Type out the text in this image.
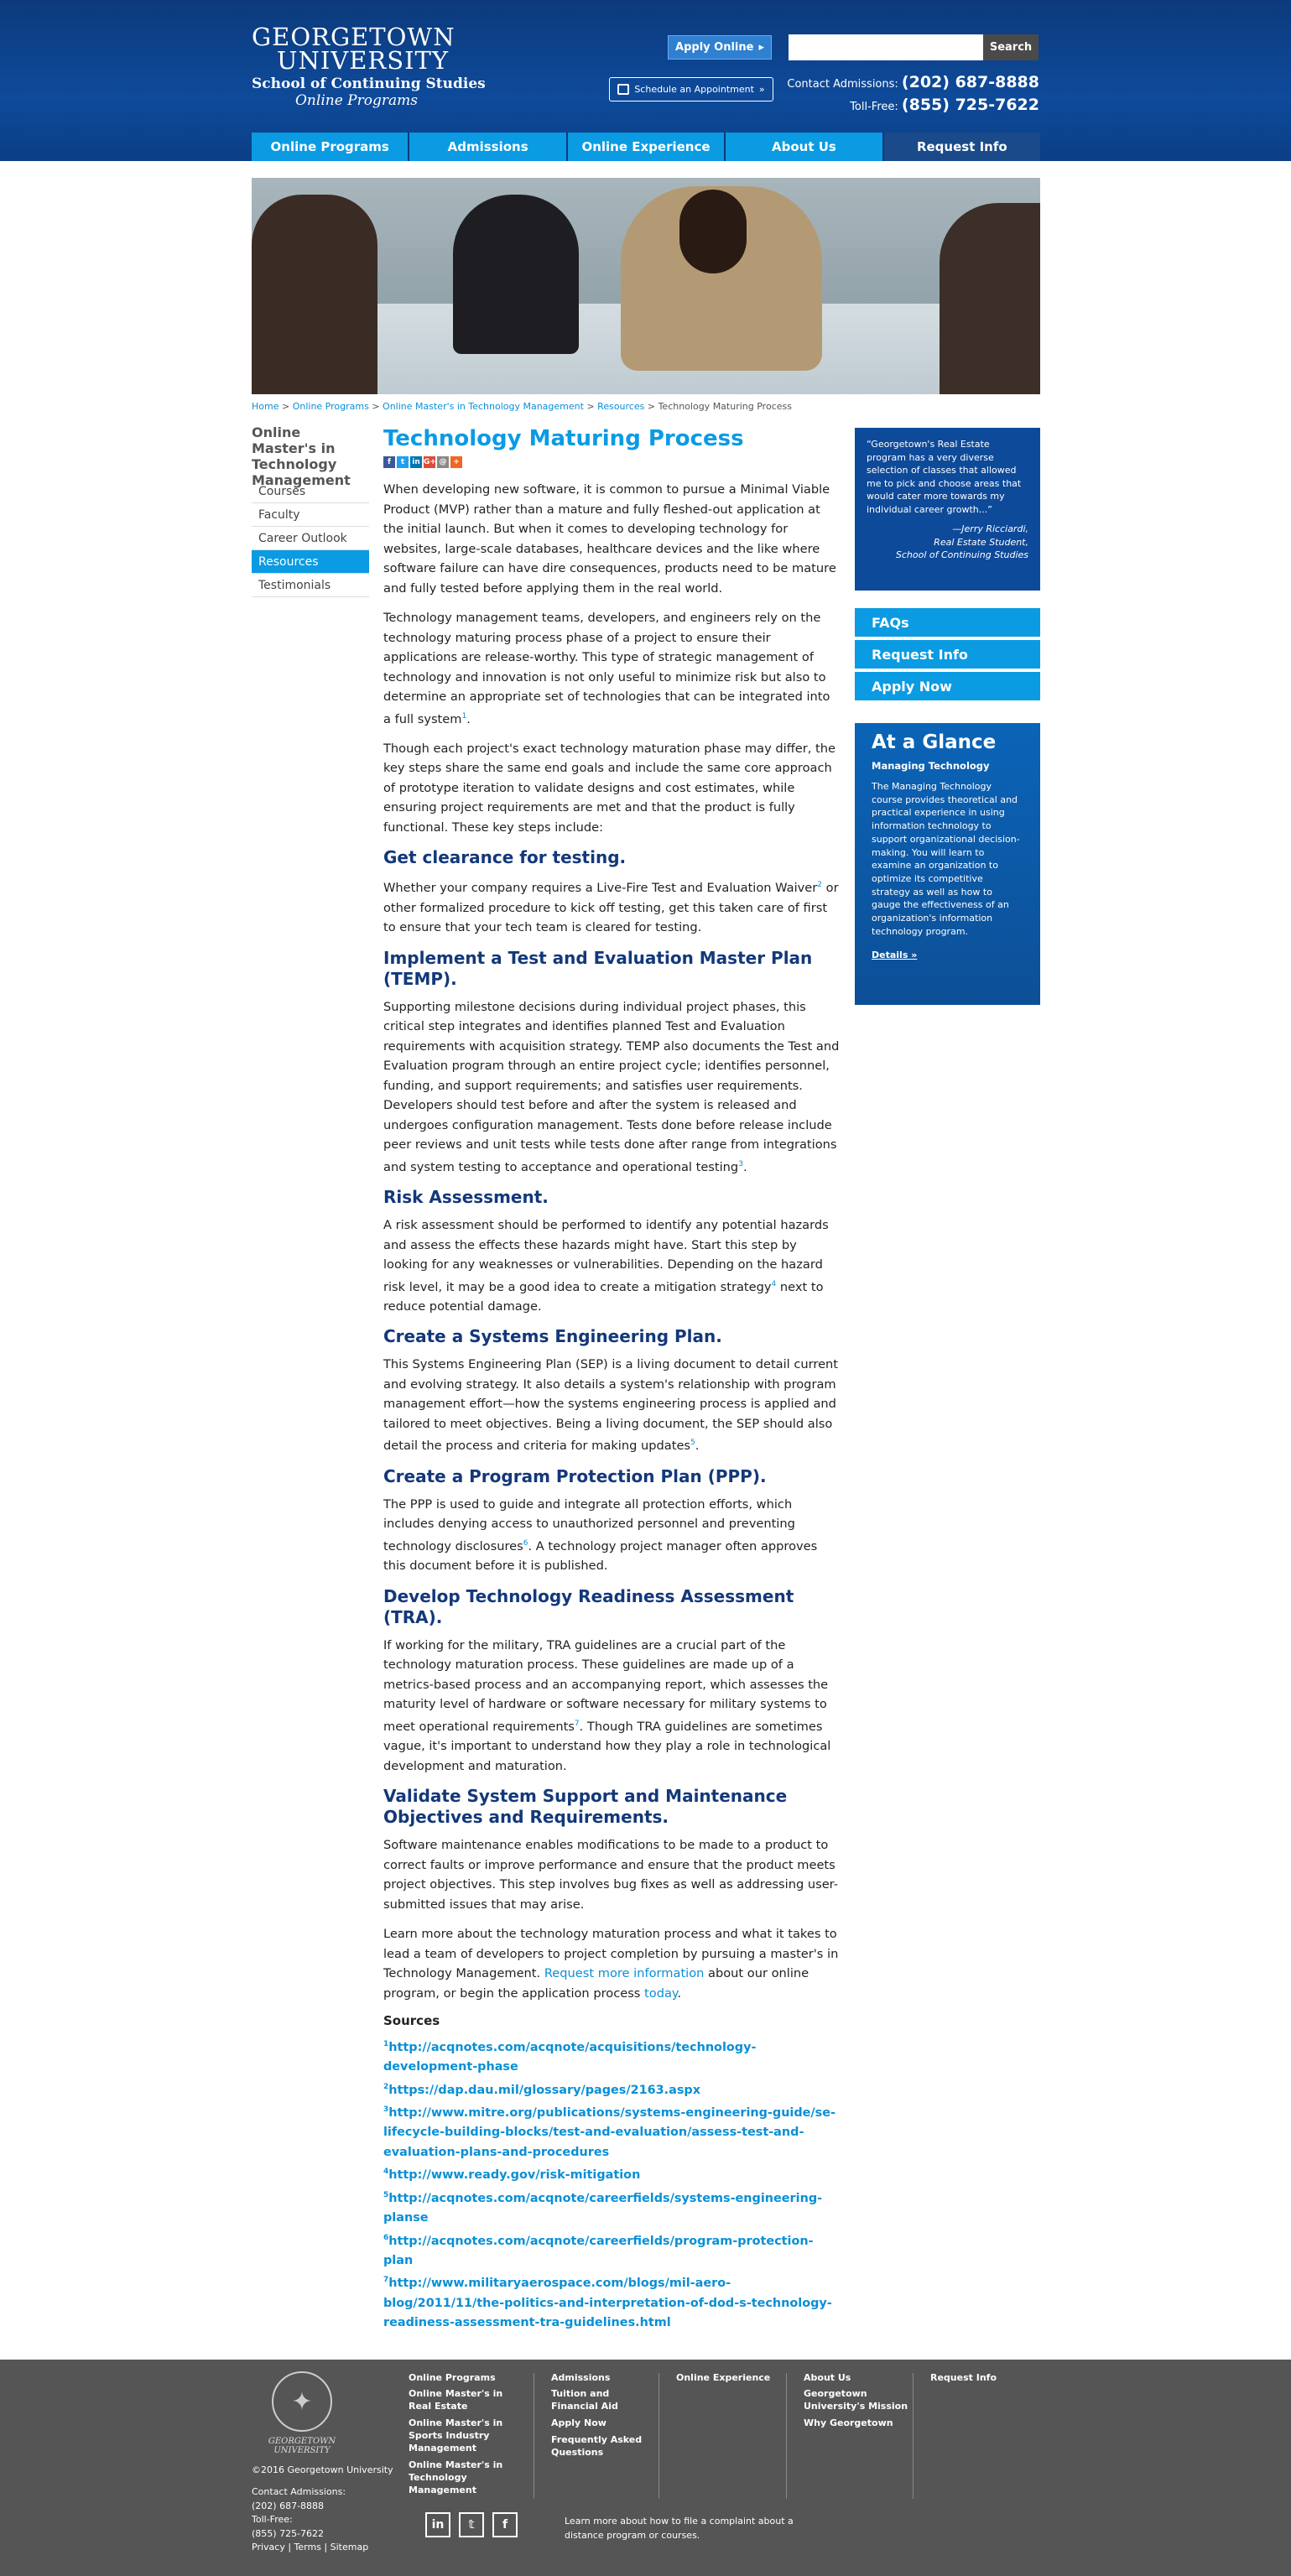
GEORGETOWN
UNIVERSITY
School of Continuing Studies
Online Programs
Apply Online ▸	Search
Schedule an Appointment » Contact Admissions: (202) 687-8888
Toll-Free: (855) 725-7622
Online Programs	Admissions	Online Experience	About Us	Request Info
Home > Online Programs > Online Master's in Technology Management > Resources > Technology Maturing Process
Online Master's in Technology Management
Courses
Faculty
Career Outlook
Resources
Testimonials
Technology Maturing Process
f	t	in G+ @ +

When developing new software, it is common to pursue a Minimal Viable Product (MVP) rather than a mature and fully fleshed-out application at the initial launch. But when it comes to developing technology for websites, large-scale databases, healthcare devices and the like where software failure can have dire consequences, products need to be mature and fully tested before applying them in the real world.

Technology management teams, developers, and engineers rely on the technology maturing process phase of a project to ensure their applications are release-worthy. This type of strategic management of technology and innovation is not only useful to minimize risk but also to determine an appropriate set of technologies that can be integrated into a full system$^1$.

Though each project's exact technology maturation phase may differ, the key steps share the same end goals and include the same core approach of prototype iteration to validate designs and cost estimates, while ensuring project requirements are met and that the product is fully functional. These key steps include:

Get clearance for testing.

Whether your company requires a Live-Fire Test and Evaluation Waiver$^2$ or other formalized procedure to kick off testing, get this taken care of first to ensure that your tech team is cleared for testing.

Implement a Test and Evaluation Master Plan (TEMP).

Supporting milestone decisions during individual project phases, this critical step integrates and identifies planned Test and Evaluation requirements with acquisition strategy. TEMP also documents the Test and Evaluation program through an entire project cycle; identifies personnel, funding, and support requirements; and satisfies user requirements. Developers should test before and after the system is released and undergoes configuration management. Tests done before release include peer reviews and unit tests while tests done after range from integrations and system testing to acceptance and operational testing$^3$.

Risk Assessment.

A risk assessment should be performed to identify any potential hazards and assess the effects these hazards might have. Start this step by looking for any weaknesses or vulnerabilities. Depending on the hazard risk level, it may be a good idea to create a mitigation strategy$^4$ next to reduce potential damage.

Create a Systems Engineering Plan.

This Systems Engineering Plan (SEP) is a living document to detail current and evolving strategy. It also details a system's relationship with program management effort—how the systems engineering process is applied and tailored to meet objectives. Being a living document, the SEP should also detail the process and criteria for making updates$^5$.

Create a Program Protection Plan (PPP).

The PPP is used to guide and integrate all protection efforts, which includes denying access to unauthorized personnel and preventing technology disclosures$^6$. A technology project manager often approves this document before it is published.

Develop Technology Readiness Assessment (TRA).

If working for the military, TRA guidelines are a crucial part of the technology maturation process. These guidelines are made up of a metrics-based process and an accompanying report, which assesses the maturity level of hardware or software necessary for military systems to meet operational requirements$^7$. Though TRA guidelines are sometimes vague, it's important to understand how they play a role in technological development and maturation.

Validate System Support and Maintenance Objectives and Requirements.

Software maintenance enables modifications to be made to a product to correct faults or improve performance and ensure that the product meets project objectives. This step involves bug fixes as well as addressing user-submitted issues that may arise.

Learn more about the technology maturation process and what it takes to lead a team of developers to project completion by pursuing a master's in Technology Management. Request more information about our online program, or begin the application process today.

Sources
$^1$http://acqnotes.com/acqnote/acquisitions/technology-development-phase
$^2$https://dap.dau.mil/glossary/pages/2163.aspx
$^3$http://www.mitre.org/publications/systems-engineering-guide/se-lifecycle-building-blocks/test-and-evaluation/assess-test-and-evaluation-plans-and-procedures
$^4$http://www.ready.gov/risk-mitigation
$^5$http://acqnotes.com/acqnote/careerfields/systems-engineering-planse
$^6$http://acqnotes.com/acqnote/careerfields/program-protection-plan
$^7$http://www.militaryaerospace.com/blogs/mil-aero-blog/2011/11/the-politics-and-interpretation-of-dod-s-technology-readiness-assessment-tra-guidelines.html
“Georgetown's Real Estate program has a very diverse selection of classes that allowed me to pick and choose areas that would cater more towards my individual career growth...”
—Jerry Ricciardi,
Real Estate Student,
School of Continuing Studies
FAQs
Request Info
Apply Now
At a Glance
Managing Technology

The Managing Technology course provides theoretical and practical experience in using information technology to support organizational decision-making. You will learn to examine an organization to optimize its competitive strategy as well as how to gauge the effectiveness of an organization's information technology program.

Details »
✦
GEORGETOWN UNIVERSITY
©2016 Georgetown University
Contact Admissions:
(202) 687-8888
Toll-Free:
(855) 725-7622
Privacy | Terms | Sitemap
Online Programs
Online Master's in Real Estate
Online Master's in Sports Industry Management
Online Master's in Technology Management
Admissions
Tuition and Financial Aid
Apply Now
Frequently Asked Questions
Online Experience	About Us
Georgetown University's Mission
Why Georgetown
Request Info
in	𝕥	f	Learn more about how to file a complaint about a distance program or courses.
